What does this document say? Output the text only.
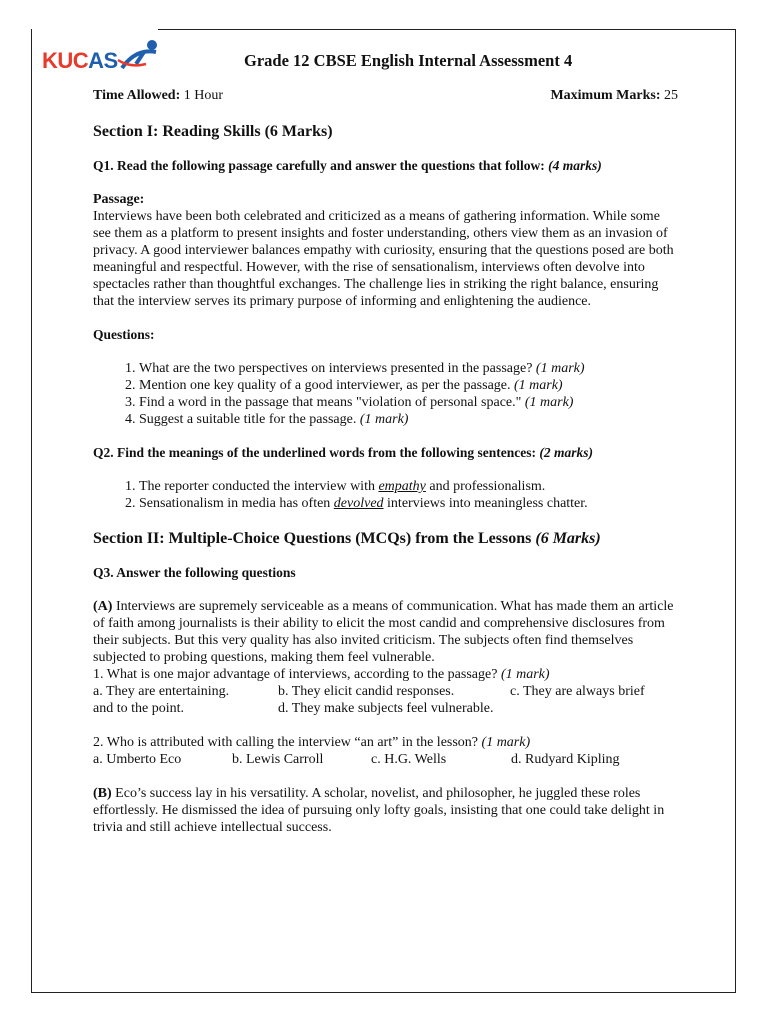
KUCAS	Grade 12 CBSE English Internal Assessment 4
Time Allowed: 1 Hour	Maximum Marks: 25
Section I: Reading Skills (6 Marks)
Q1. Read the following passage carefully and answer the questions that follow: (4 marks)
Passage:
Interviews have been both celebrated and criticized as a means of gathering information. While some see them as a platform to present insights and foster understanding, others view them as an invasion of privacy. A good interviewer balances empathy with curiosity, ensuring that the questions posed are both meaningful and respectful. However, with the rise of sensationalism, interviews often devolve into spectacles rather than thoughtful exchanges. The challenge lies in striking the right balance, ensuring that the interview serves its primary purpose of informing and enlightening the audience.
Questions:
1. What are the two perspectives on interviews presented in the passage? (1 mark)
2. Mention one key quality of a good interviewer, as per the passage. (1 mark)
3. Find a word in the passage that means "violation of personal space." (1 mark)
4. Suggest a suitable title for the passage. (1 mark)
Q2. Find the meanings of the underlined words from the following sentences: (2 marks)
1. The reporter conducted the interview with empathy and professionalism.
2. Sensationalism in media has often devolved interviews into meaningless chatter.
Section II: Multiple-Choice Questions (MCQs) from the Lessons (6 Marks)
Q3. Answer the following questions
(A) Interviews are supremely serviceable as a means of communication. What has made them an article of faith among journalists is their ability to elicit the most candid and comprehensive disclosures from their subjects. But this very quality has also invited criticism. The subjects often find themselves subjected to probing questions, making them feel vulnerable.
1. What is one major advantage of interviews, according to the passage? (1 mark)
a. They are entertaining.	b. They elicit candid responses.	c. They are always brief
and to the point.	d. They make subjects feel vulnerable.
2. Who is attributed with calling the interview “an art” in the lesson? (1 mark)
a. Umberto Eco	b. Lewis Carroll	c. H.G. Wells	d. Rudyard Kipling
(B) Eco’s success lay in his versatility. A scholar, novelist, and philosopher, he juggled these roles effortlessly. He dismissed the idea of pursuing only lofty goals, insisting that one could take delight in trivia and still achieve intellectual success.
